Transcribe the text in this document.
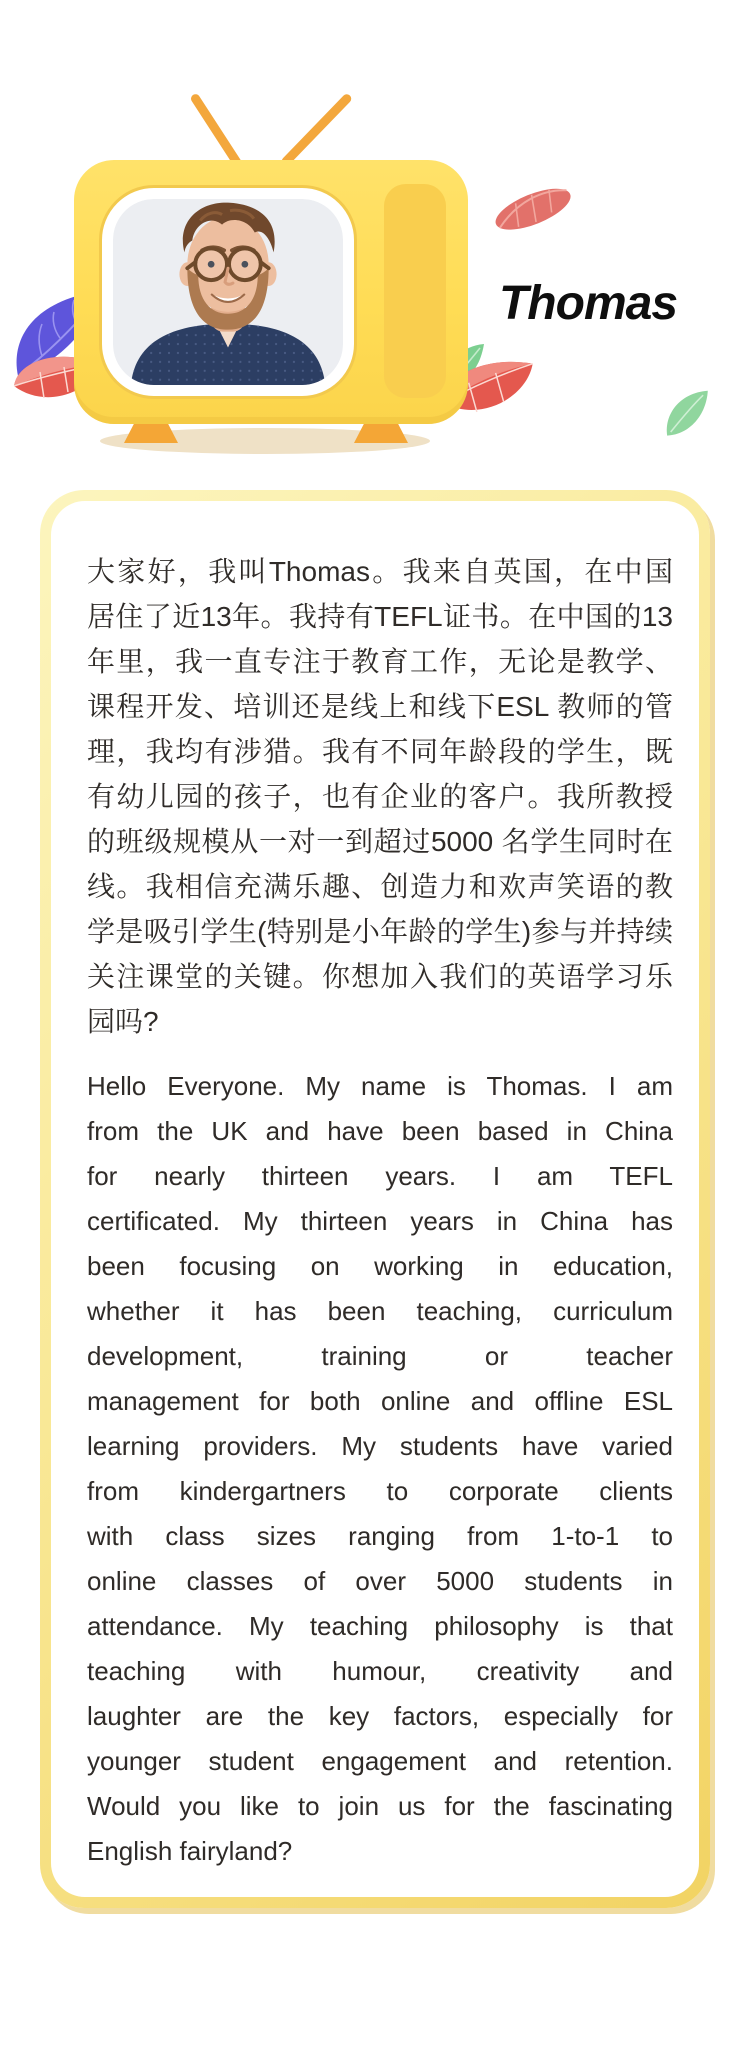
Thomas
大家好，我叫Thomas。我来自英国，在中国
居住了近13年。我持有TEFL证书。在中国的13
年里，我一直专注于教育工作，无论是教学、
课程开发、培训还是线上和线下ESL 教师的管
理，我均有涉猎。我有不同年龄段的学生，既
有幼儿园的孩子，也有企业的客户。我所教授
的班级规模从一对一到超过5000 名学生同时在
线。我相信充满乐趣、创造力和欢声笑语的教
学是吸引学生(特别是小年龄的学生)参与并持续
关注课堂的关键。你想加入我们的英语学习乐
园吗?
Hello Everyone. My name is Thomas. I am
from the UK and have been based in China
for nearly thirteen years. I am TEFL
certificated. My thirteen years in China has
been focusing on working in education,
whether it has been teaching, curriculum
development, training or teacher
management for both online and offline ESL
learning providers. My students have varied
from kindergartners to corporate clients
with class sizes ranging from 1-to-1 to
online classes of over 5000 students in
attendance. My teaching philosophy is that
teaching with humour, creativity and
laughter are the key factors, especially for
younger student engagement and retention.
Would you like to join us for the fascinating
English fairyland?
